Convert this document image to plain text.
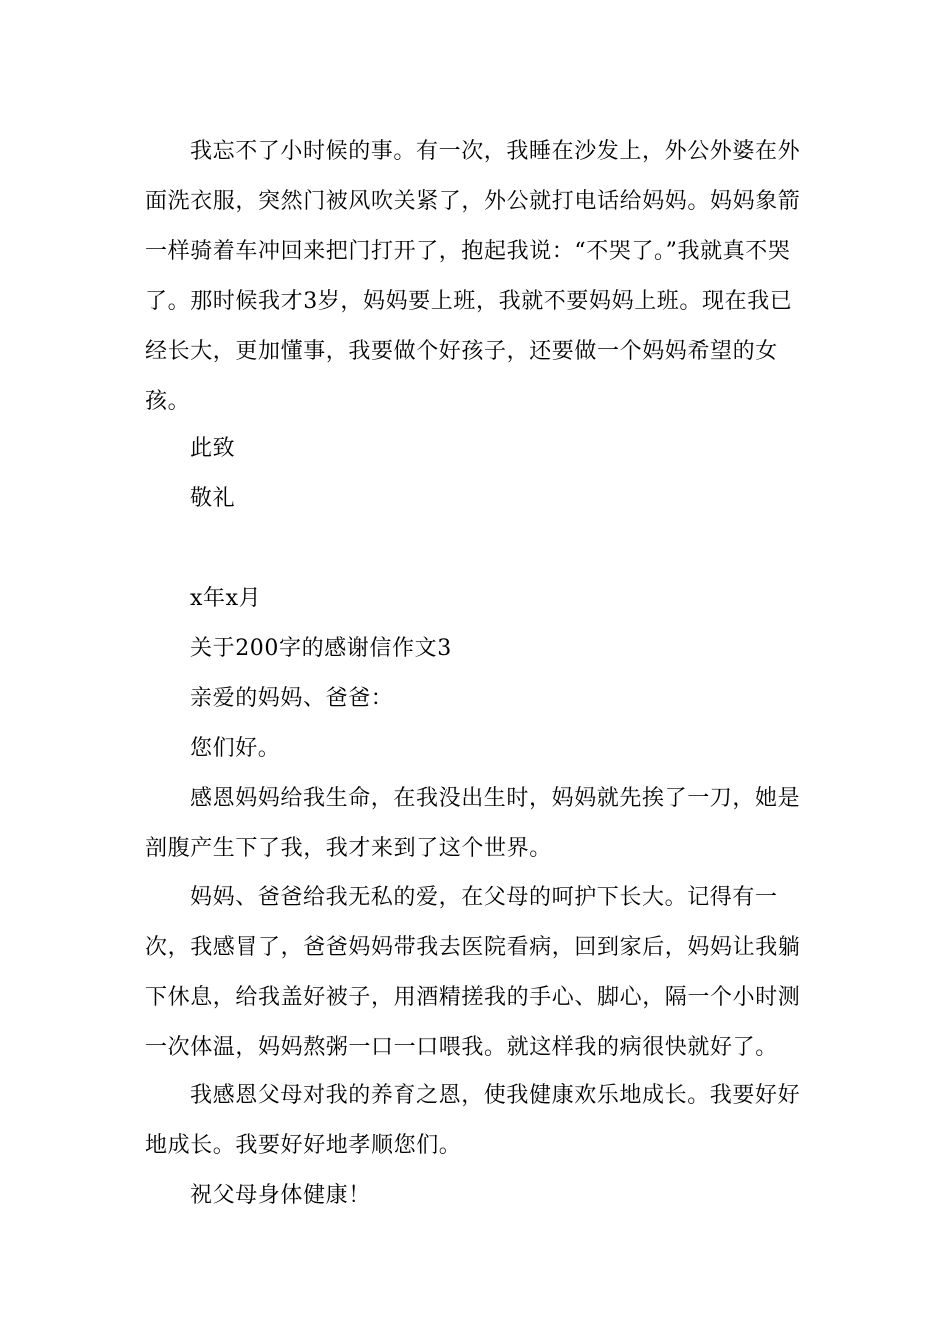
我忘不了小时候的事。有一次，我睡在沙发上，外公外婆在外面洗衣服，突然门被风吹关紧了，外公就打电话给妈妈。妈妈象箭一样骑着车冲回来把门打开了，抱起我说：“不哭了。”我就真不哭了。那时候我才3岁，妈妈要上班，我就不要妈妈上班。现在我已经长大，更加懂事，我要做个好孩子，还要做一个妈妈希望的女孩。

此致

敬礼

x年x月

关于200字的感谢信作文3

亲爱的妈妈、爸爸：

您们好。

感恩妈妈给我生命，在我没出生时，妈妈就先挨了一刀，她是剖腹产生下了我，我才来到了这个世界。

妈妈、爸爸给我无私的爱，在父母的呵护下长大。记得有一次，我感冒了，爸爸妈妈带我去医院看病，回到家后，妈妈让我躺下休息，给我盖好被子，用酒精搓我的手心、脚心，隔一个小时测一次体温，妈妈熬粥一口一口喂我。就这样我的病很快就好了。

我感恩父母对我的养育之恩，使我健康欢乐地成长。我要好好地成长。我要好好地孝顺您们。

祝父母身体健康！
